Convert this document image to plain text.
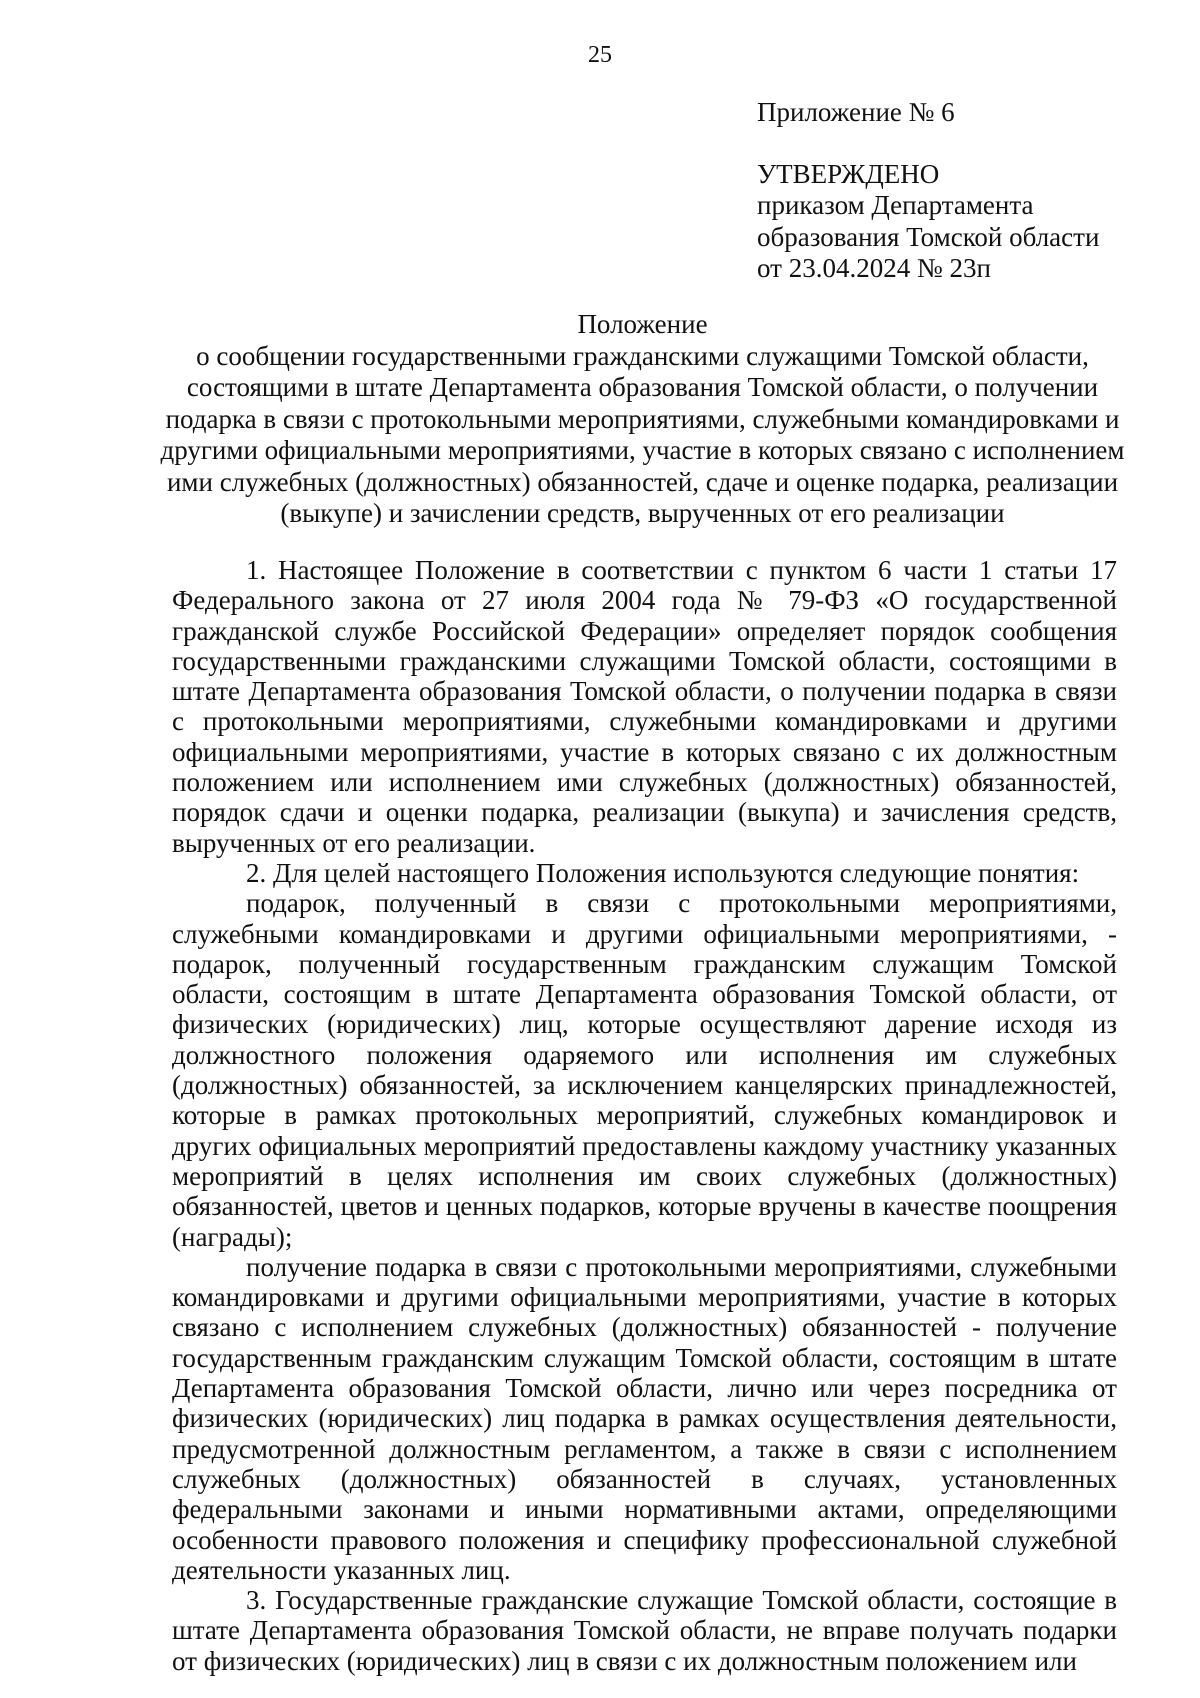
25
Приложение № 6
УТВЕРЖДЕНО
приказом Департамента
образования Томской области
от 23.04.2024 № 23п
Положение
о сообщении государственными гражданскими служащими Томской области,
состоящими в штате Департамента образования Томской области, о получении
подарка в связи с протокольными мероприятиями, служебными командировками и
другими официальными мероприятиями, участие в которых связано с исполнением
ими служебных (должностных) обязанностей, сдаче и оценке подарка, реализации
(выкупе) и зачислении средств, вырученных от его реализации

1. Настоящее Положение в соответствии с пунктом 6 части 1 статьи 17 Федерального закона от 27 июля 2004 года № 79-ФЗ «О государственной гражданской службе Российской Федерации» определяет порядок сообщения государственными гражданскими служащими Томской области, состоящими в штате Департамента образования Томской области, о получении подарка в связи с протокольными мероприятиями, служебными командировками и другими официальными мероприятиями, участие в которых связано с их должностным положением или исполнением ими служебных (должностных) обязанностей, порядок сдачи и оценки подарка, реализации (выкупа) и зачисления средств, вырученных от его реализации.

2. Для целей настоящего Положения используются следующие понятия:

подарок, полученный в связи с протокольными мероприятиями, служебными командировками и другими официальными мероприятиями, - подарок, полученный государственным гражданским служащим Томской области, состоящим в штате Департамента образования Томской области, от физических (юридических) лиц, которые осуществляют дарение исходя из должностного положения одаряемого или исполнения им служебных (должностных) обязанностей, за исключением канцелярских принадлежностей, которые в рамках протокольных мероприятий, служебных командировок и других официальных мероприятий предоставлены каждому участнику указанных мероприятий в целях исполнения им своих служебных (должностных) обязанностей, цветов и ценных подарков, которые вручены в качестве поощрения (награды);

получение подарка в связи с протокольными мероприятиями, служебными командировками и другими официальными мероприятиями, участие в которых связано с исполнением служебных (должностных) обязанностей - получение государственным гражданским служащим Томской области, состоящим в штате Департамента образования Томской области, лично или через посредника от физических (юридических) лиц подарка в рамках осуществления деятельности, предусмотренной должностным регламентом, а также в связи с исполнением служебных (должностных) обязанностей в случаях, установленных федеральными законами и иными нормативными актами, определяющими особенности правового положения и специфику профессиональной служебной деятельности указанных лиц.

3. Государственные гражданские служащие Томской области, состоящие в штате Департамента образования Томской области, не вправе получать подарки от физических (юридических) лиц в связи с их должностным положением или
